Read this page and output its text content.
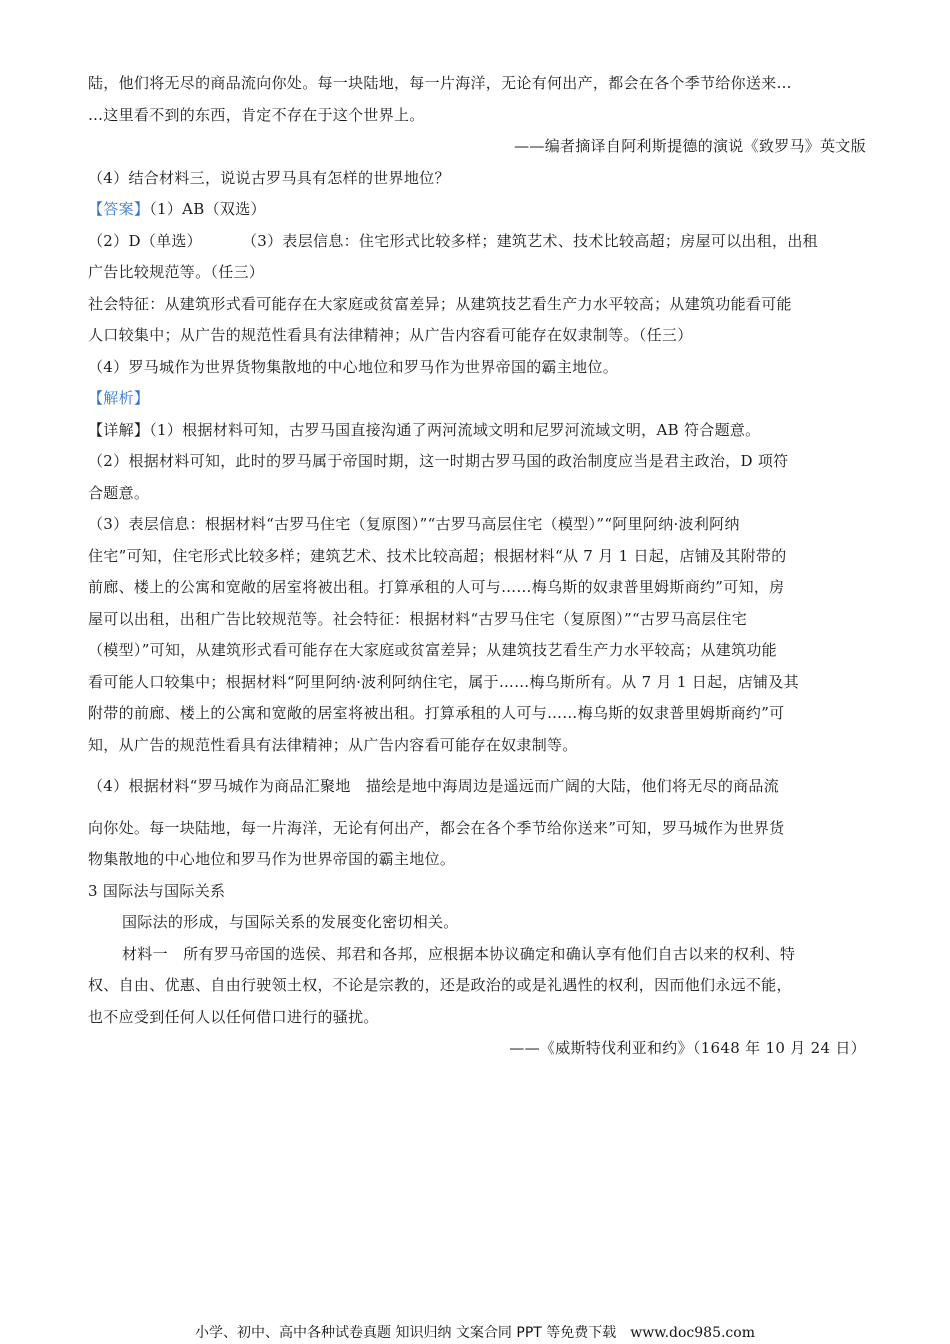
陆，他们将无尽的商品流向你处。每一块陆地，每一片海洋，无论有何出产，都会在各个季节给你送来…
…这里看不到的东西，肯定不存在于这个世界上。
——编者摘译自阿利斯提德的演说《致罗马》英文版
（4）结合材料三，说说古罗马具有怎样的世界地位？
【答案】（1）AB（双选）
（2）D（单选）	（3）表层信息：住宅形式比较多样；建筑艺术、技术比较高超；房屋可以出租，出租
广告比较规范等。（任三）
社会特征：从建筑形式看可能存在大家庭或贫富差异；从建筑技艺看生产力水平较高；从建筑功能看可能
人口较集中；从广告的规范性看具有法律精神；从广告内容看可能存在奴隶制等。（任三）
（4）罗马城作为世界货物集散地的中心地位和罗马作为世界帝国的霸主地位。
【解析】
【详解】（1）根据材料可知，古罗马国直接沟通了两河流域文明和尼罗河流域文明，AB 符合题意。
（2）根据材料可知，此时的罗马属于帝国时期，这一时期古罗马国的政治制度应当是君主政治，D 项符
合题意。
（3）表层信息：根据材料“古罗马住宅（复原图）”“古罗马高层住宅（模型）”“阿里阿纳·波利阿纳
住宅”可知，住宅形式比较多样；建筑艺术、技术比较高超；根据材料“从 7 月 1 日起，店铺及其附带的
前廊、楼上的公寓和宽敞的居室将被出租。打算承租的人可与……梅乌斯的奴隶普里姆斯商约”可知，房
屋可以出租，出租广告比较规范等。社会特征：根据材料“古罗马住宅（复原图）”“古罗马高层住宅
（模型）”可知，从建筑形式看可能存在大家庭或贫富差异；从建筑技艺看生产力水平较高；从建筑功能
看可能人口较集中；根据材料“阿里阿纳·波利阿纳住宅，属于……梅乌斯所有。从 7 月 1 日起，店铺及其
附带的前廊、楼上的公寓和宽敞的居室将被出租。打算承租的人可与……梅乌斯的奴隶普里姆斯商约”可
知，从广告的规范性看具有法律精神；从广告内容看可能存在奴隶制等。
（4）根据材料“罗马城作为商品汇聚地　描绘是地中海周边是遥远而广阔的大陆，他们将无尽的商品流
向你处。每一块陆地，每一片海洋，无论有何出产，都会在各个季节给你送来”可知，罗马城作为世界货
物集散地的中心地位和罗马作为世界帝国的霸主地位。
3 国际法与国际关系
国际法的形成，与国际关系的发展变化密切相关。
材料一　所有罗马帝国的选侯、邦君和各邦，应根据本协议确定和确认享有他们自古以来的权利、特
权、自由、优惠、自由行驶领土权，不论是宗教的，还是政治的或是礼遇性的权利，因而他们永远不能，
也不应受到任何人以任何借口进行的骚扰。
——《威斯特伐利亚和约》（1648 年 10 月 24 日）
小学、初中、高中各种试卷真题 知识归纳 文案合同 PPT 等免费下载 www.doc985.com
